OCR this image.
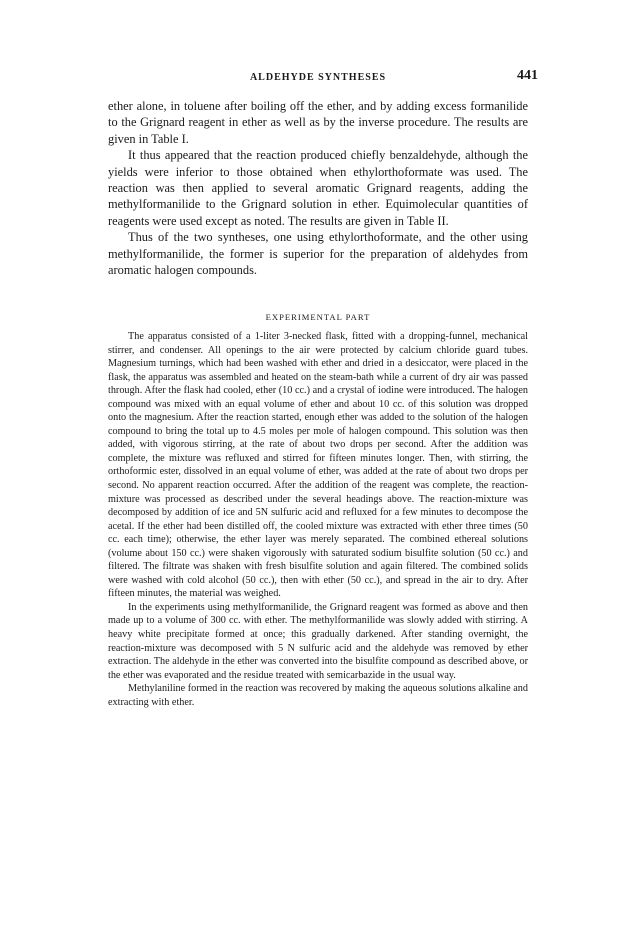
ALDEHYDE SYNTHESES	441

ether alone, in toluene after boiling off the ether, and by adding excess formanilide to the Grignard reagent in ether as well as by the inverse procedure. The results are given in Table I.

It thus appeared that the reaction produced chiefly benzaldehyde, although the yields were inferior to those obtained when ethylorthoformate was used. The reaction was then applied to several aromatic Grignard reagents, adding the methylformanilide to the Grignard solution in ether. Equimolecular quantities of reagents were used except as noted. The results are given in Table II.

Thus of the two syntheses, one using ethylorthoformate, and the other using methylformanilide, the former is superior for the preparation of aldehydes from aromatic halogen compounds.

EXPERIMENTAL PART

The apparatus consisted of a 1-liter 3-necked flask, fitted with a dropping-funnel, mechanical stirrer, and condenser. All openings to the air were protected by calcium chloride guard tubes. Magnesium turnings, which had been washed with ether and dried in a desiccator, were placed in the flask, the apparatus was assembled and heated on the steam-bath while a current of dry air was passed through. After the flask had cooled, ether (10 cc.) and a crystal of iodine were introduced. The halogen compound was mixed with an equal volume of ether and about 10 cc. of this solution was dropped onto the magnesium. After the reaction started, enough ether was added to the solution of the halogen compound to bring the total up to 4.5 moles per mole of halogen compound. This solution was then added, with vigorous stirring, at the rate of about two drops per second. After the addition was complete, the mixture was refluxed and stirred for fifteen minutes longer. Then, with stirring, the orthoformic ester, dissolved in an equal volume of ether, was added at the rate of about two drops per second. No apparent reaction occurred. After the addition of the reagent was complete, the reaction-mixture was processed as described under the several headings above. The reaction-mixture was decomposed by addition of ice and 5N sulfuric acid and refluxed for a few minutes to decompose the acetal. If the ether had been distilled off, the cooled mixture was extracted with ether three times (50 cc. each time); otherwise, the ether layer was merely separated. The combined ethereal solutions (volume about 150 cc.) were shaken vigorously with saturated sodium bisulfite solution (50 cc.) and filtered. The filtrate was shaken with fresh bisulfite solution and again filtered. The combined solids were washed with cold alcohol (50 cc.), then with ether (50 cc.), and spread in the air to dry. After fifteen minutes, the material was weighed.

In the experiments using methylformanilide, the Grignard reagent was formed as above and then made up to a volume of 300 cc. with ether. The methylformanilide was slowly added with stirring. A heavy white precipitate formed at once; this gradually darkened. After standing overnight, the reaction-mixture was decomposed with 5 N sulfuric acid and the aldehyde was removed by ether extraction. The aldehyde in the ether was converted into the bisulfite compound as described above, or the ether was evaporated and the residue treated with semicarbazide in the usual way.

Methylaniline formed in the reaction was recovered by making the aqueous solutions alkaline and extracting with ether.
